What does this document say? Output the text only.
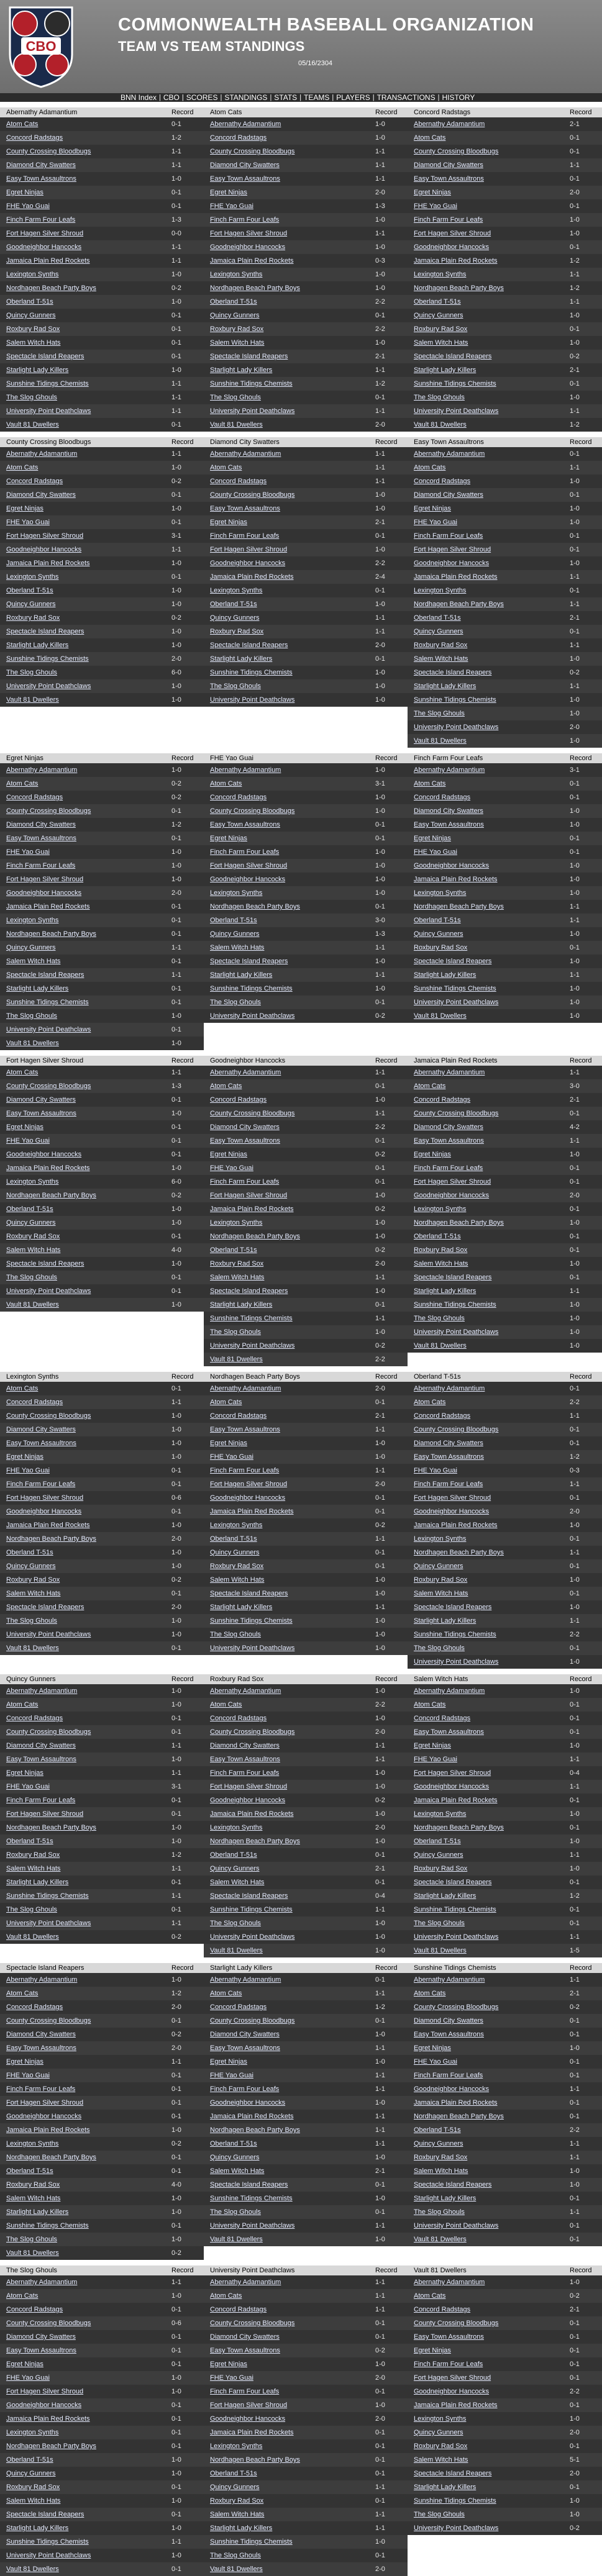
CBO
COMMONWEALTH BASEBALL ORGANIZATION
TEAM VS TEAM STANDINGS
05/16/2304
BNN Index | CBO | SCORES | STANDINGS | STATS | TEAMS | PLAYERS | TRANSACTIONS | HISTORY
Abernathy Adamantium	Record
Atom Cats	0-1
Concord Radstags	1-2
County Crossing Bloodbugs	1-1
Diamond City Swatters	1-1
Easy Town Assaultrons	1-0
Egret Ninjas	0-1
FHE Yao Guai	0-1
Finch Farm Four Leafs	1-3
Fort Hagen Silver Shroud	0-0
Goodneighbor Hancocks	1-1
Jamaica Plain Red Rockets	1-1
Lexington Synths	1-0
Nordhagen Beach Party Boys	0-2
Oberland T-51s	1-0
Quincy Gunners	0-1
Roxbury Rad Sox	0-1
Salem Witch Hats	0-1
Spectacle Island Reapers	0-1
Starlight Lady Killers	1-0
Sunshine Tidings Chemists	1-1
The Slog Ghouls	1-1
University Point Deathclaws	1-1
Vault 81 Dwellers	0-1
Atom Cats	Record
Abernathy Adamantium	1-0
Concord Radstags	1-0
County Crossing Bloodbugs	1-1
Diamond City Swatters	1-1
Easy Town Assaultrons	1-1
Egret Ninjas	2-0
FHE Yao Guai	1-3
Finch Farm Four Leafs	1-0
Fort Hagen Silver Shroud	1-1
Goodneighbor Hancocks	1-0
Jamaica Plain Red Rockets	0-3
Lexington Synths	1-0
Nordhagen Beach Party Boys	1-0
Oberland T-51s	2-2
Quincy Gunners	0-1
Roxbury Rad Sox	2-2
Salem Witch Hats	1-0
Spectacle Island Reapers	2-1
Starlight Lady Killers	1-1
Sunshine Tidings Chemists	1-2
The Slog Ghouls	0-1
University Point Deathclaws	1-1
Vault 81 Dwellers	2-0
Concord Radstags	Record
Abernathy Adamantium	2-1
Atom Cats	0-1
County Crossing Bloodbugs	0-1
Diamond City Swatters	1-1
Easy Town Assaultrons	0-1
Egret Ninjas	2-0
FHE Yao Guai	0-1
Finch Farm Four Leafs	1-0
Fort Hagen Silver Shroud	1-0
Goodneighbor Hancocks	0-1
Jamaica Plain Red Rockets	1-2
Lexington Synths	1-1
Nordhagen Beach Party Boys	1-2
Oberland T-51s	1-1
Quincy Gunners	1-0
Roxbury Rad Sox	0-1
Salem Witch Hats	1-0
Spectacle Island Reapers	0-2
Starlight Lady Killers	2-1
Sunshine Tidings Chemists	0-1
The Slog Ghouls	1-0
University Point Deathclaws	1-1
Vault 81 Dwellers	1-2
County Crossing Bloodbugs	Record
Abernathy Adamantium	1-1
Atom Cats	1-0
Concord Radstags	0-2
Diamond City Swatters	0-1
Egret Ninjas	1-0
FHE Yao Guai	0-1
Fort Hagen Silver Shroud	3-1
Goodneighbor Hancocks	1-1
Jamaica Plain Red Rockets	1-0
Lexington Synths	0-1
Oberland T-51s	1-0
Quincy Gunners	1-0
Roxbury Rad Sox	0-2
Spectacle Island Reapers	1-0
Starlight Lady Killers	1-0
Sunshine Tidings Chemists	2-0
The Slog Ghouls	6-0
University Point Deathclaws	1-0
Vault 81 Dwellers	1-0
Diamond City Swatters	Record
Abernathy Adamantium	1-1
Atom Cats	1-1
Concord Radstags	1-1
County Crossing Bloodbugs	1-0
Easy Town Assaultrons	1-0
Egret Ninjas	2-1
Finch Farm Four Leafs	0-1
Fort Hagen Silver Shroud	1-0
Goodneighbor Hancocks	2-2
Jamaica Plain Red Rockets	2-4
Lexington Synths	0-1
Oberland T-51s	1-0
Quincy Gunners	1-1
Roxbury Rad Sox	1-1
Spectacle Island Reapers	2-0
Starlight Lady Killers	0-1
Sunshine Tidings Chemists	1-0
The Slog Ghouls	1-0
University Point Deathclaws	1-0
Easy Town Assaultrons	Record
Abernathy Adamantium	0-1
Atom Cats	1-1
Concord Radstags	1-0
Diamond City Swatters	0-1
Egret Ninjas	1-0
FHE Yao Guai	1-0
Finch Farm Four Leafs	0-1
Fort Hagen Silver Shroud	0-1
Goodneighbor Hancocks	1-0
Jamaica Plain Red Rockets	1-1
Lexington Synths	0-1
Nordhagen Beach Party Boys	1-1
Oberland T-51s	2-1
Quincy Gunners	0-1
Roxbury Rad Sox	1-1
Salem Witch Hats	1-0
Spectacle Island Reapers	0-2
Starlight Lady Killers	1-1
Sunshine Tidings Chemists	1-0
The Slog Ghouls	1-0
University Point Deathclaws	2-0
Vault 81 Dwellers	1-0
Egret Ninjas	Record
Abernathy Adamantium	1-0
Atom Cats	0-2
Concord Radstags	0-2
County Crossing Bloodbugs	0-1
Diamond City Swatters	1-2
Easy Town Assaultrons	0-1
FHE Yao Guai	1-0
Finch Farm Four Leafs	1-0
Fort Hagen Silver Shroud	1-0
Goodneighbor Hancocks	2-0
Jamaica Plain Red Rockets	0-1
Lexington Synths	0-1
Nordhagen Beach Party Boys	0-1
Quincy Gunners	1-1
Salem Witch Hats	0-1
Spectacle Island Reapers	1-1
Starlight Lady Killers	0-1
Sunshine Tidings Chemists	0-1
The Slog Ghouls	1-0
University Point Deathclaws	0-1
Vault 81 Dwellers	1-0
FHE Yao Guai	Record
Abernathy Adamantium	1-0
Atom Cats	3-1
Concord Radstags	1-0
County Crossing Bloodbugs	1-0
Easy Town Assaultrons	0-1
Egret Ninjas	0-1
Finch Farm Four Leafs	1-0
Fort Hagen Silver Shroud	1-0
Goodneighbor Hancocks	1-0
Lexington Synths	1-0
Nordhagen Beach Party Boys	0-1
Oberland T-51s	3-0
Quincy Gunners	1-3
Salem Witch Hats	1-1
Spectacle Island Reapers	1-0
Starlight Lady Killers	1-1
Sunshine Tidings Chemists	1-0
The Slog Ghouls	0-1
University Point Deathclaws	0-2
Finch Farm Four Leafs	Record
Abernathy Adamantium	3-1
Atom Cats	0-1
Concord Radstags	0-1
Diamond City Swatters	1-0
Easy Town Assaultrons	1-0
Egret Ninjas	0-1
FHE Yao Guai	0-1
Goodneighbor Hancocks	1-0
Jamaica Plain Red Rockets	1-0
Lexington Synths	1-0
Nordhagen Beach Party Boys	1-1
Oberland T-51s	1-1
Quincy Gunners	1-0
Roxbury Rad Sox	0-1
Spectacle Island Reapers	1-0
Starlight Lady Killers	1-1
Sunshine Tidings Chemists	1-0
University Point Deathclaws	1-0
Vault 81 Dwellers	1-0
Fort Hagen Silver Shroud	Record
Atom Cats	1-1
County Crossing Bloodbugs	1-3
Diamond City Swatters	0-1
Easy Town Assaultrons	1-0
Egret Ninjas	0-1
FHE Yao Guai	0-1
Goodneighbor Hancocks	0-1
Jamaica Plain Red Rockets	1-0
Lexington Synths	6-0
Nordhagen Beach Party Boys	0-2
Oberland T-51s	1-0
Quincy Gunners	1-0
Roxbury Rad Sox	0-1
Salem Witch Hats	4-0
Spectacle Island Reapers	1-0
The Slog Ghouls	0-1
University Point Deathclaws	0-1
Vault 81 Dwellers	1-0
Goodneighbor Hancocks	Record
Abernathy Adamantium	1-1
Atom Cats	0-1
Concord Radstags	1-0
County Crossing Bloodbugs	1-1
Diamond City Swatters	2-2
Easy Town Assaultrons	0-1
Egret Ninjas	0-2
FHE Yao Guai	0-1
Finch Farm Four Leafs	0-1
Fort Hagen Silver Shroud	1-0
Jamaica Plain Red Rockets	0-2
Lexington Synths	1-0
Nordhagen Beach Party Boys	1-0
Oberland T-51s	0-2
Roxbury Rad Sox	2-0
Salem Witch Hats	1-1
Spectacle Island Reapers	1-0
Starlight Lady Killers	0-1
Sunshine Tidings Chemists	1-1
The Slog Ghouls	1-0
University Point Deathclaws	0-2
Vault 81 Dwellers	2-2
Jamaica Plain Red Rockets	Record
Abernathy Adamantium	1-1
Atom Cats	3-0
Concord Radstags	2-1
County Crossing Bloodbugs	0-1
Diamond City Swatters	4-2
Easy Town Assaultrons	1-1
Egret Ninjas	1-0
Finch Farm Four Leafs	0-1
Fort Hagen Silver Shroud	0-1
Goodneighbor Hancocks	2-0
Lexington Synths	0-1
Nordhagen Beach Party Boys	1-0
Oberland T-51s	0-1
Roxbury Rad Sox	0-1
Salem Witch Hats	1-0
Spectacle Island Reapers	0-1
Starlight Lady Killers	1-1
Sunshine Tidings Chemists	1-0
The Slog Ghouls	1-0
University Point Deathclaws	1-0
Vault 81 Dwellers	1-0
Lexington Synths	Record
Atom Cats	0-1
Concord Radstags	1-1
County Crossing Bloodbugs	1-0
Diamond City Swatters	1-0
Easy Town Assaultrons	1-0
Egret Ninjas	1-0
FHE Yao Guai	0-1
Finch Farm Four Leafs	0-1
Fort Hagen Silver Shroud	0-6
Goodneighbor Hancocks	0-1
Jamaica Plain Red Rockets	1-0
Nordhagen Beach Party Boys	2-0
Oberland T-51s	1-0
Quincy Gunners	1-0
Roxbury Rad Sox	0-2
Salem Witch Hats	0-1
Spectacle Island Reapers	2-0
The Slog Ghouls	1-0
University Point Deathclaws	1-0
Vault 81 Dwellers	0-1
Nordhagen Beach Party Boys	Record
Abernathy Adamantium	2-0
Atom Cats	0-1
Concord Radstags	2-1
Easy Town Assaultrons	1-1
Egret Ninjas	1-0
FHE Yao Guai	1-0
Finch Farm Four Leafs	1-1
Fort Hagen Silver Shroud	2-0
Goodneighbor Hancocks	0-1
Jamaica Plain Red Rockets	0-1
Lexington Synths	0-2
Oberland T-51s	1-1
Quincy Gunners	0-1
Roxbury Rad Sox	0-1
Salem Witch Hats	1-0
Spectacle Island Reapers	1-0
Starlight Lady Killers	1-1
Sunshine Tidings Chemists	1-0
The Slog Ghouls	1-0
University Point Deathclaws	1-0
Oberland T-51s	Record
Abernathy Adamantium	0-1
Atom Cats	2-2
Concord Radstags	1-1
County Crossing Bloodbugs	0-1
Diamond City Swatters	0-1
Easy Town Assaultrons	1-2
FHE Yao Guai	0-3
Finch Farm Four Leafs	1-1
Fort Hagen Silver Shroud	0-1
Goodneighbor Hancocks	2-0
Jamaica Plain Red Rockets	1-0
Lexington Synths	0-1
Nordhagen Beach Party Boys	1-1
Quincy Gunners	0-1
Roxbury Rad Sox	1-0
Salem Witch Hats	0-1
Spectacle Island Reapers	1-0
Starlight Lady Killers	1-1
Sunshine Tidings Chemists	2-2
The Slog Ghouls	0-1
University Point Deathclaws	1-0
Quincy Gunners	Record
Abernathy Adamantium	1-0
Atom Cats	1-0
Concord Radstags	0-1
County Crossing Bloodbugs	0-1
Diamond City Swatters	1-1
Easy Town Assaultrons	1-0
Egret Ninjas	1-1
FHE Yao Guai	3-1
Finch Farm Four Leafs	0-1
Fort Hagen Silver Shroud	0-1
Nordhagen Beach Party Boys	1-0
Oberland T-51s	1-0
Roxbury Rad Sox	1-2
Salem Witch Hats	1-1
Starlight Lady Killers	0-1
Sunshine Tidings Chemists	1-1
The Slog Ghouls	0-1
University Point Deathclaws	1-1
Vault 81 Dwellers	0-2
Roxbury Rad Sox	Record
Abernathy Adamantium	1-0
Atom Cats	2-2
Concord Radstags	1-0
County Crossing Bloodbugs	2-0
Diamond City Swatters	1-1
Easy Town Assaultrons	1-1
Finch Farm Four Leafs	1-0
Fort Hagen Silver Shroud	1-0
Goodneighbor Hancocks	0-2
Jamaica Plain Red Rockets	1-0
Lexington Synths	2-0
Nordhagen Beach Party Boys	1-0
Oberland T-51s	0-1
Quincy Gunners	2-1
Salem Witch Hats	0-1
Spectacle Island Reapers	0-4
Sunshine Tidings Chemists	1-1
The Slog Ghouls	1-0
University Point Deathclaws	1-0
Vault 81 Dwellers	1-0
Salem Witch Hats	Record
Abernathy Adamantium	1-0
Atom Cats	0-1
Concord Radstags	0-1
Easy Town Assaultrons	0-1
Egret Ninjas	1-0
FHE Yao Guai	1-1
Fort Hagen Silver Shroud	0-4
Goodneighbor Hancocks	1-1
Jamaica Plain Red Rockets	0-1
Lexington Synths	1-0
Nordhagen Beach Party Boys	0-1
Oberland T-51s	1-0
Quincy Gunners	1-1
Roxbury Rad Sox	1-0
Spectacle Island Reapers	0-1
Starlight Lady Killers	1-2
Sunshine Tidings Chemists	0-1
The Slog Ghouls	0-1
University Point Deathclaws	1-1
Vault 81 Dwellers	1-5
Spectacle Island Reapers	Record
Abernathy Adamantium	1-0
Atom Cats	1-2
Concord Radstags	2-0
County Crossing Bloodbugs	0-1
Diamond City Swatters	0-2
Easy Town Assaultrons	2-0
Egret Ninjas	1-1
FHE Yao Guai	0-1
Finch Farm Four Leafs	0-1
Fort Hagen Silver Shroud	0-1
Goodneighbor Hancocks	0-1
Jamaica Plain Red Rockets	1-0
Lexington Synths	0-2
Nordhagen Beach Party Boys	0-1
Oberland T-51s	0-1
Roxbury Rad Sox	4-0
Salem Witch Hats	1-0
Starlight Lady Killers	1-0
Sunshine Tidings Chemists	0-1
The Slog Ghouls	1-0
Vault 81 Dwellers	0-2
Starlight Lady Killers	Record
Abernathy Adamantium	0-1
Atom Cats	1-1
Concord Radstags	1-2
County Crossing Bloodbugs	0-1
Diamond City Swatters	1-0
Easy Town Assaultrons	1-1
Egret Ninjas	1-0
FHE Yao Guai	1-1
Finch Farm Four Leafs	1-1
Goodneighbor Hancocks	1-0
Jamaica Plain Red Rockets	1-1
Nordhagen Beach Party Boys	1-1
Oberland T-51s	1-1
Quincy Gunners	1-0
Salem Witch Hats	2-1
Spectacle Island Reapers	0-1
Sunshine Tidings Chemists	1-0
The Slog Ghouls	0-1
University Point Deathclaws	1-1
Vault 81 Dwellers	1-0
Sunshine Tidings Chemists	Record
Abernathy Adamantium	1-1
Atom Cats	2-1
County Crossing Bloodbugs	0-2
Diamond City Swatters	0-1
Easy Town Assaultrons	0-1
Egret Ninjas	1-0
FHE Yao Guai	0-1
Finch Farm Four Leafs	0-1
Goodneighbor Hancocks	1-1
Jamaica Plain Red Rockets	0-1
Nordhagen Beach Party Boys	0-1
Oberland T-51s	2-2
Quincy Gunners	1-1
Roxbury Rad Sox	1-1
Salem Witch Hats	1-0
Spectacle Island Reapers	1-0
Starlight Lady Killers	0-1
The Slog Ghouls	1-1
University Point Deathclaws	0-1
Vault 81 Dwellers	0-1
The Slog Ghouls	Record
Abernathy Adamantium	1-1
Atom Cats	1-0
Concord Radstags	0-1
County Crossing Bloodbugs	0-6
Diamond City Swatters	0-1
Easy Town Assaultrons	0-1
Egret Ninjas	0-1
FHE Yao Guai	1-0
Fort Hagen Silver Shroud	1-0
Goodneighbor Hancocks	0-1
Jamaica Plain Red Rockets	0-1
Lexington Synths	0-1
Nordhagen Beach Party Boys	0-1
Oberland T-51s	1-0
Quincy Gunners	1-0
Roxbury Rad Sox	0-1
Salem Witch Hats	1-0
Spectacle Island Reapers	0-1
Starlight Lady Killers	1-0
Sunshine Tidings Chemists	1-1
University Point Deathclaws	1-0
Vault 81 Dwellers	0-1
University Point Deathclaws	Record
Abernathy Adamantium	1-1
Atom Cats	1-1
Concord Radstags	1-1
County Crossing Bloodbugs	0-1
Diamond City Swatters	0-1
Easy Town Assaultrons	0-2
Egret Ninjas	1-0
FHE Yao Guai	2-0
Finch Farm Four Leafs	0-1
Fort Hagen Silver Shroud	1-0
Goodneighbor Hancocks	2-0
Jamaica Plain Red Rockets	0-1
Lexington Synths	0-1
Nordhagen Beach Party Boys	0-1
Oberland T-51s	0-1
Quincy Gunners	1-1
Roxbury Rad Sox	0-1
Salem Witch Hats	1-1
Starlight Lady Killers	1-1
Sunshine Tidings Chemists	1-0
The Slog Ghouls	0-1
Vault 81 Dwellers	2-0
Vault 81 Dwellers	Record
Abernathy Adamantium	1-0
Atom Cats	0-2
Concord Radstags	2-1
County Crossing Bloodbugs	0-1
Easy Town Assaultrons	0-1
Egret Ninjas	0-1
Finch Farm Four Leafs	0-1
Fort Hagen Silver Shroud	0-1
Goodneighbor Hancocks	2-2
Jamaica Plain Red Rockets	0-1
Lexington Synths	1-0
Quincy Gunners	2-0
Roxbury Rad Sox	0-1
Salem Witch Hats	5-1
Spectacle Island Reapers	2-0
Starlight Lady Killers	0-1
Sunshine Tidings Chemists	1-0
The Slog Ghouls	1-0
University Point Deathclaws	0-2
